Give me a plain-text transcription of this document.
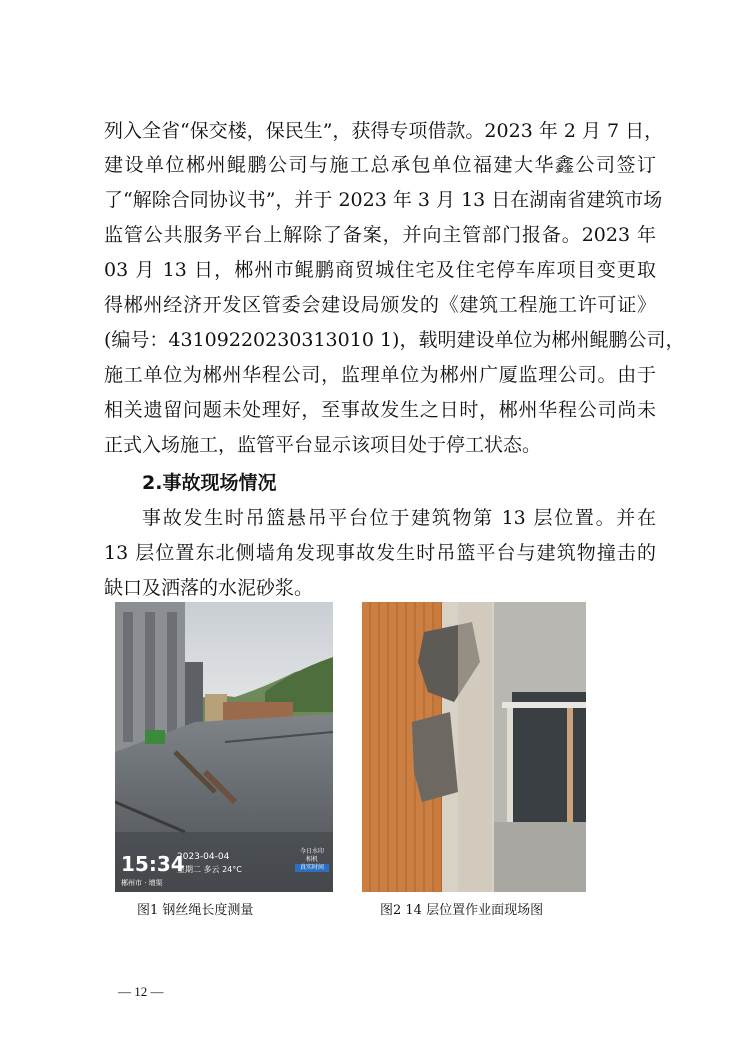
列入全省“保交楼，保民生”，获得专项借款。2023 年 2 月 7 日，
建设单位郴州鲲鹏公司与施工总承包单位福建大华鑫公司签订
了“解除合同协议书”，并于 2023 年 3 月 13 日在湖南省建筑市场
监管公共服务平台上解除了备案，并向主管部门报备。2023 年
03 月 13 日，郴州市鲲鹏商贸城住宅及住宅停车库项目变更取
得郴州经济开发区管委会建设局颁发的《建筑工程施工许可证》
(编号：43109220230313010 1)，载明建设单位为郴州鲲鹏公司，
施工单位为郴州华程公司，监理单位为郴州广厦监理公司。由于
相关遗留问题未处理好，至事故发生之日时，郴州华程公司尚未
正式入场施工，监管平台显示该项目处于停工状态。
2.事故现场情况
事故发生时吊篮悬吊平台位于建筑物第 13 层位置。并在
13 层位置东北侧墙角发现事故发生时吊篮平台与建筑物撞击的
缺口及洒落的水泥砂浆。
15:34
2023-04-04
星期二 多云 24°C
郴州市 · 增渠
今日水印
相机
真实时间
图1 钢丝绳长度测量	图2 14 层位置作业面现场图
— 12 —
